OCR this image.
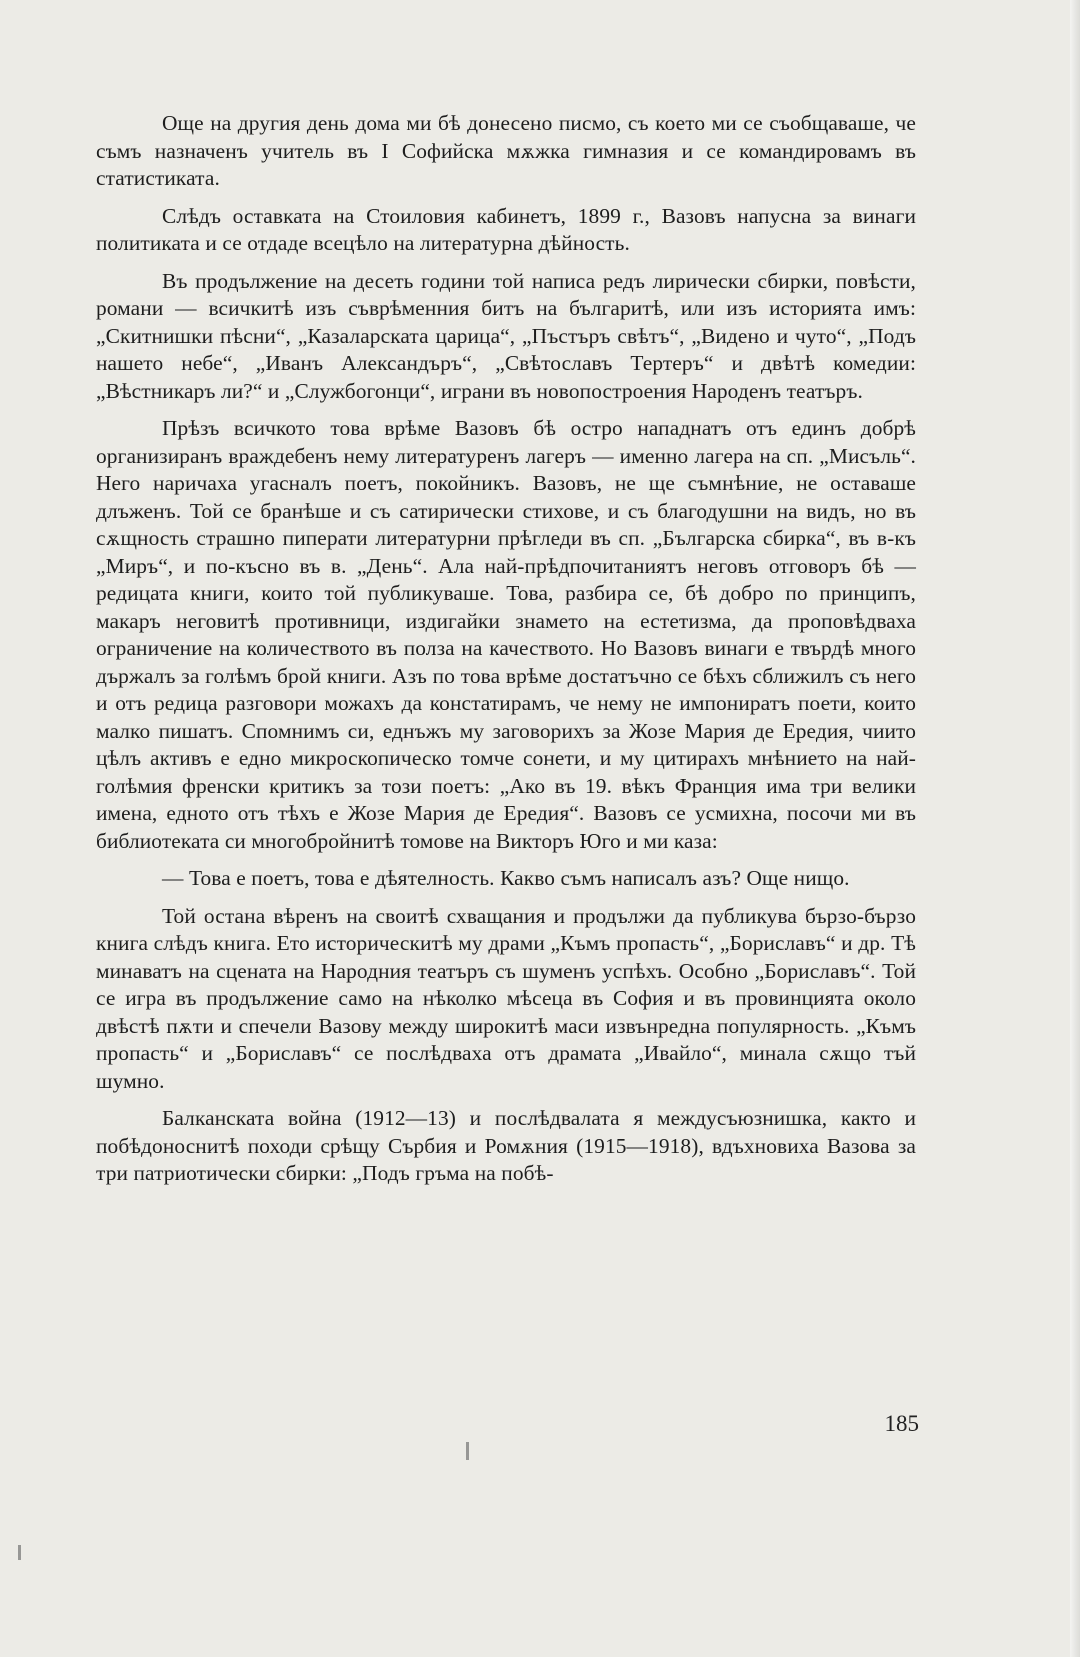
Още на другия день дома ми бѣ донесено писмо, съ което ми се съобщаваше, че съмъ назначенъ учитель въ I Софийска мѫжка гимназия и се командировамъ въ статистиката.

Слѣдъ оставката на Стоиловия кабинетъ, 1899 г., Вазовъ напусна за винаги политиката и се отдаде всецѣло на литературна дѣйность.

Въ продължение на десеть години той написа редъ лирически сбирки, повѣсти, романи — всичкитѣ изъ съврѣменния битъ на българитѣ, или изъ историята имъ: „Скитнишки пѣсни“, „Казаларската царица“, „Пъстъръ свѣтъ“, „Видено и чуто“, „Подъ нашето небе“, „Иванъ Александъръ“, „Свѣтославъ Тертеръ“ и двѣтѣ комедии: „Вѣстникаръ ли?“ и „Службогонци“, играни въ новопостроения Народенъ театъръ.

Прѣзъ всичкото това врѣме Вазовъ бѣ остро нападнатъ отъ единъ добрѣ организиранъ враждебенъ нему литературенъ лагеръ — именно лагера на сп. „Мисъль“. Него наричаха угасналъ поетъ, покойникъ. Вазовъ, не ще съмнѣние, не оставаше длъженъ. Той се бранѣше и съ сатирически стихове, и съ благодушни на видъ, но въ сѫщность страшно пиперати литературни прѣгледи въ сп. „Българска сбирка“, въ в-къ „Миръ“, и по-късно въ в. „День“. Ала най-прѣдпочитаниятъ неговъ отговоръ бѣ — редицата книги, които той публикуваше. Това, разбира се, бѣ добро по принципъ, макаръ неговитѣ противници, издигайки знамето на естетизма, да проповѣдваха ограничение на количеството въ полза на качеството. Но Вазовъ винаги е твърдѣ много държалъ за голѣмъ брой книги. Азъ по това врѣме достатъчно се бѣхъ сближилъ съ него и отъ редица разговори можахъ да констатирамъ, че нему не импониратъ поети, които малко пишатъ. Спомнимъ си, еднъжъ му заговорихъ за Жозе Мария де Ередия, чиито цѣлъ активъ е едно микроскопическо томче сонети, и му цитирахъ мнѣнието на най-голѣмия френски критикъ за този поетъ: „Ако въ 19. вѣкъ Франция има три велики имена, едното отъ тѣхъ е Жозе Мария де Ередия“. Вазовъ се усмихна, посочи ми въ библиотеката си многобройнитѣ томове на Викторъ Юго и ми каза:

— Това е поетъ, това е дѣятелность. Какво съмъ написалъ азъ? Още нищо.

Той остана вѣренъ на своитѣ схващания и продължи да публикува бързо-бързо книга слѣдъ книга. Ето историческитѣ му драми „Къмъ пропасть“, „Бориславъ“ и др. Тѣ минаватъ на сцената на Народния театъръ съ шуменъ успѣхъ. Особно „Бориславъ“. Той се игра въ продължение само на нѣколко мѣсеца въ София и въ провинцията около двѣстѣ пѫти и спечели Вазову между широкитѣ маси извънредна популярность. „Къмъ пропасть“ и „Бориславъ“ се послѣдваха отъ драмата „Ивайло“, минала сѫщо тъй шумно.

Балканската война (1912—13) и послѣдвалата я междусъюзнишка, както и побѣдоноснитѣ походи срѣщу Сърбия и Ромѫния (1915—1918), вдъхновиха Вазова за три патриотически сбирки: „Подъ гръма на побѣ-

185
